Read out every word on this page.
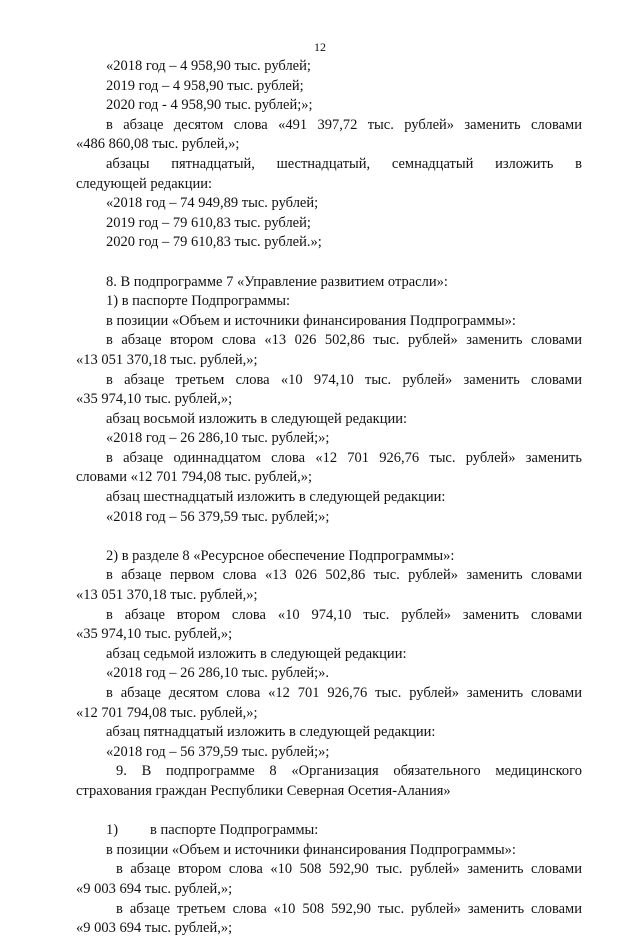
12
«2018 год – 4 958,90 тыс. рублей;
2019 год – 4 958,90 тыс. рублей;
2020 год - 4 958,90 тыс. рублей;»;
в абзаце десятом слова «491 397,72 тыс. рублей» заменить словами
«486 860,08 тыс. рублей,»;
абзацы пятнадцатый, шестнадцатый, семнадцатый изложить в
следующей редакции:
«2018 год – 74 949,89 тыс. рублей;
2019 год – 79 610,83 тыс. рублей;
2020 год – 79 610,83 тыс. рублей.»;
8. В подпрограмме 7 «Управление развитием отрасли»:
1) в паспорте Подпрограммы:
в позиции «Объем и источники финансирования Подпрограммы»:
в абзаце втором слова «13 026 502,86 тыс. рублей» заменить словами
«13 051 370,18 тыс. рублей,»;
в абзаце третьем слова «10 974,10 тыс. рублей» заменить словами
«35 974,10 тыс. рублей,»;
абзац восьмой изложить в следующей редакции:
«2018 год – 26 286,10 тыс. рублей;»;
в абзаце одиннадцатом слова «12 701 926,76 тыс. рублей» заменить
словами «12 701 794,08 тыс. рублей,»;
абзац шестнадцатый изложить в следующей редакции:
«2018 год – 56 379,59 тыс. рублей;»;
2) в разделе 8 «Ресурсное обеспечение Подпрограммы»:
в абзаце первом слова «13 026 502,86 тыс. рублей» заменить словами
«13 051 370,18 тыс. рублей,»;
в абзаце втором слова «10 974,10 тыс. рублей» заменить словами
«35 974,10 тыс. рублей,»;
абзац седьмой изложить в следующей редакции:
«2018 год – 26 286,10 тыс. рублей;».
в абзаце десятом слова «12 701 926,76 тыс. рублей» заменить словами
«12 701 794,08 тыс. рублей,»;
абзац пятнадцатый изложить в следующей редакции:
«2018 год – 56 379,59 тыс. рублей;»;
9. В подпрограмме 8 «Организация обязательного медицинского
страхования граждан Республики Северная Осетия-Алания»
1) в паспорте Подпрограммы:
в позиции «Объем и источники финансирования Подпрограммы»:
в абзаце втором слова «10 508 592,90 тыс. рублей» заменить словами
«9 003 694 тыс. рублей,»;
в абзаце третьем слова «10 508 592,90 тыс. рублей» заменить словами
«9 003 694 тыс. рублей,»;
